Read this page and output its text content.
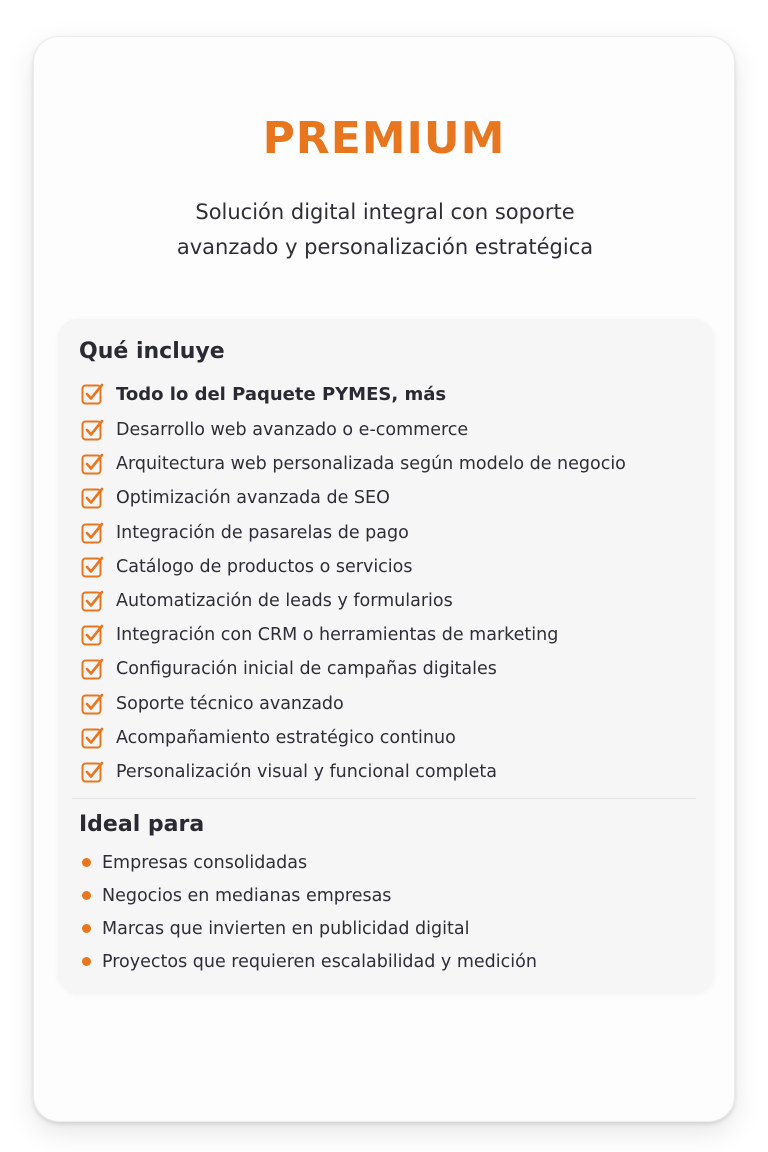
PREMIUM

Solución digital integral con soporte
avanzado y personalización estratégica

Qué incluye
Todo lo del Paquete PYMES, más
Desarrollo web avanzado o e-commerce
Arquitectura web personalizada según modelo de negocio
Optimización avanzada de SEO
Integración de pasarelas de pago
Catálogo de productos o servicios
Automatización de leads y formularios
Integración con CRM o herramientas de marketing
Configuración inicial de campañas digitales
Soporte técnico avanzado
Acompañamiento estratégico continuo
Personalización visual y funcional completa
Ideal para
Empresas consolidadas
Negocios en medianas empresas
Marcas que invierten en publicidad digital
Proyectos que requieren escalabilidad y medición
